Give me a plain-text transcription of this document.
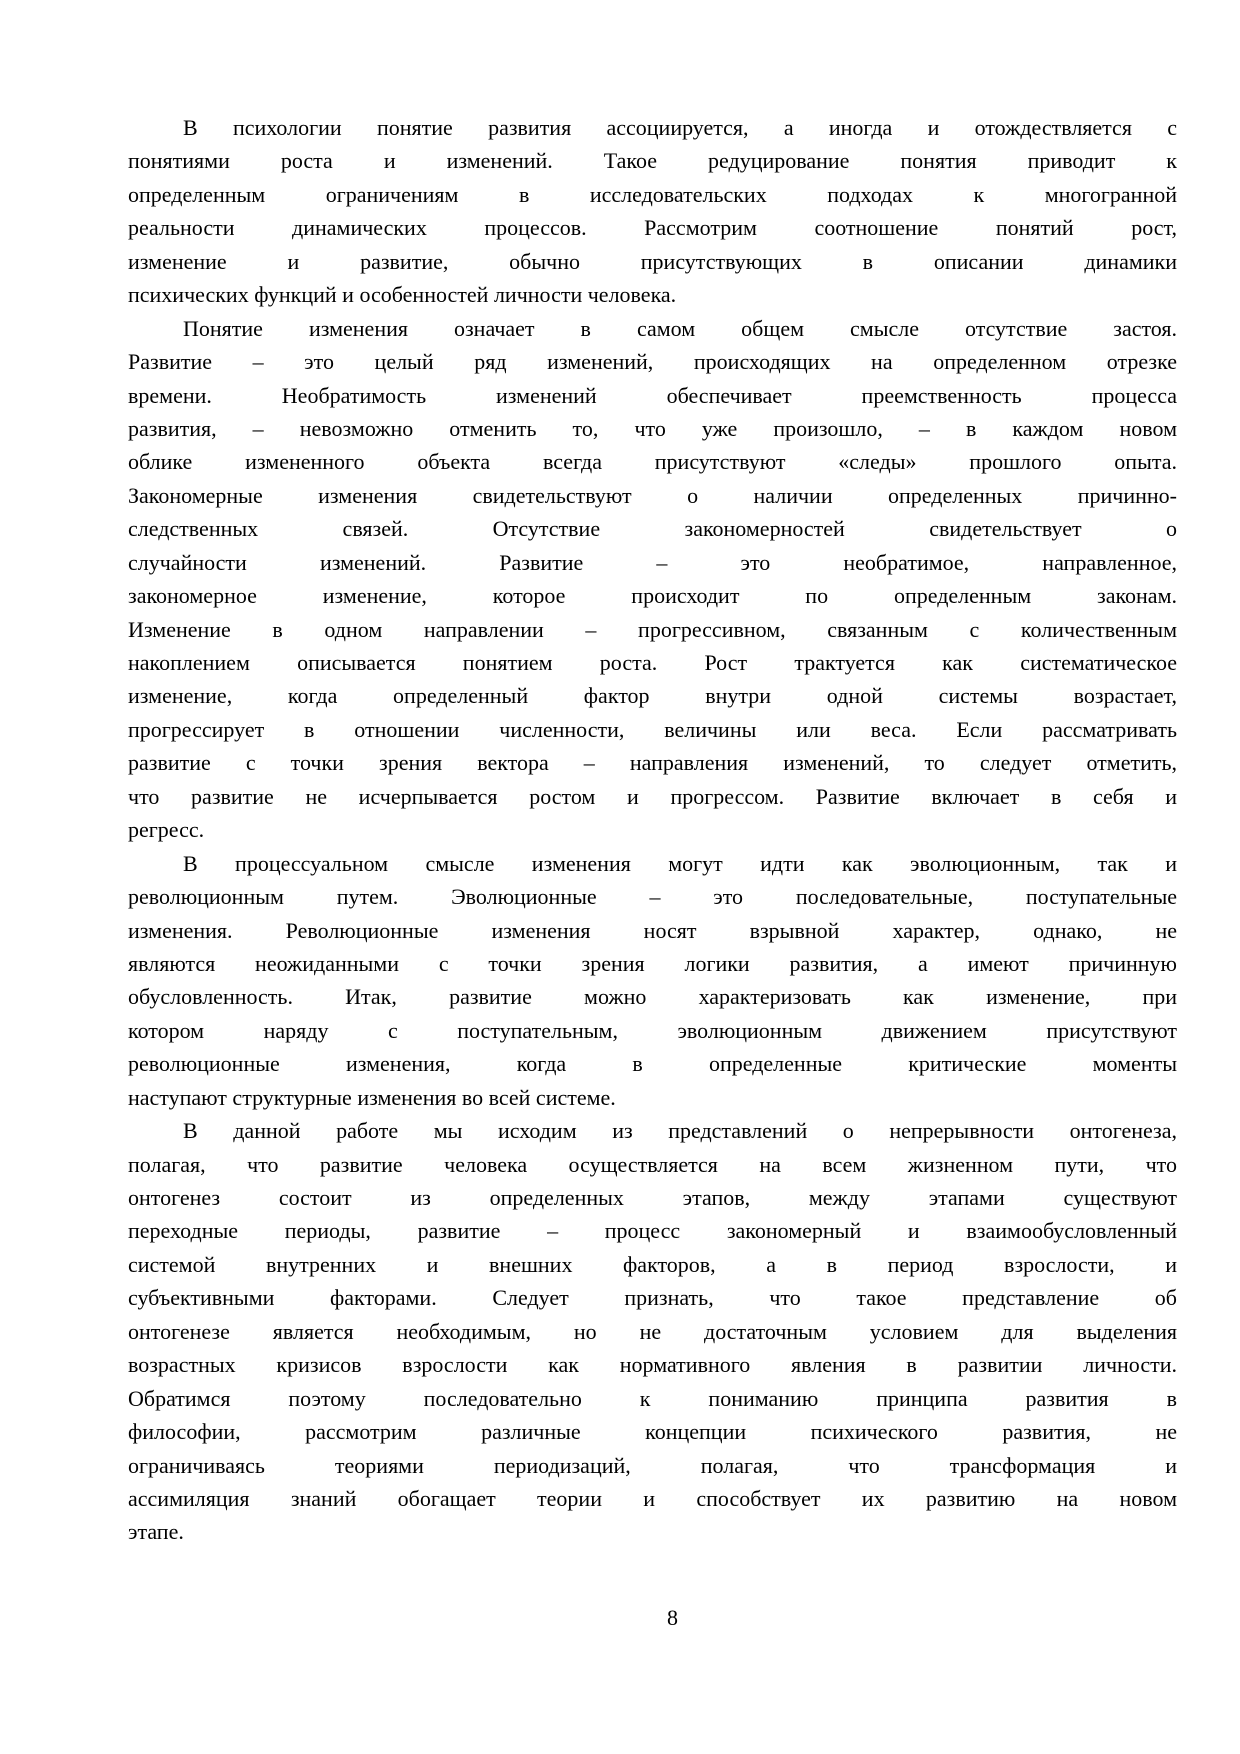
В психологии понятие развития ассоциируется, а иногда и отождествляется с
понятиями роста и изменений. Такое редуцирование понятия приводит к
определенным ограничениям в исследовательских подходах к многогранной
реальности динамических процессов. Рассмотрим соотношение понятий рост,
изменение и развитие, обычно присутствующих в описании динамики
психических функций и особенностей личности человека.
Понятие изменения означает в самом общем смысле отсутствие застоя.
Развитие – это целый ряд изменений, происходящих на определенном отрезке
времени. Необратимость изменений обеспечивает преемственность процесса
развития, – невозможно отменить то, что уже произошло, – в каждом новом
облике измененного объекта всегда присутствуют «следы» прошлого опыта.
Закономерные изменения свидетельствуют о наличии определенных причинно-
следственных связей. Отсутствие закономерностей свидетельствует о
случайности изменений. Развитие – это необратимое, направленное,
закономерное изменение, которое происходит по определенным законам.
Изменение в одном направлении – прогрессивном, связанным с количественным
накоплением описывается понятием роста. Рост трактуется как систематическое
изменение, когда определенный фактор внутри одной системы возрастает,
прогрессирует в отношении численности, величины или веса. Если рассматривать
развитие с точки зрения вектора – направления изменений, то следует отметить,
что развитие не исчерпывается ростом и прогрессом. Развитие включает в себя и
регресс.
В процессуальном смысле изменения могут идти как эволюционным, так и
революционным путем. Эволюционные – это последовательные, поступательные
изменения. Революционные изменения носят взрывной характер, однако, не
являются неожиданными с точки зрения логики развития, а имеют причинную
обусловленность. Итак, развитие можно характеризовать как изменение, при
котором наряду с поступательным, эволюционным движением присутствуют
революционные изменения, когда в определенные критические моменты
наступают структурные изменения во всей системе.
В данной работе мы исходим из представлений о непрерывности онтогенеза,
полагая, что развитие человека осуществляется на всем жизненном пути, что
онтогенез состоит из определенных этапов, между этапами существуют
переходные периоды, развитие – процесс закономерный и взаимообусловленный
системой внутренних и внешних факторов, а в период взрослости, и
субъективными факторами. Следует признать, что такое представление об
онтогенезе является необходимым, но не достаточным условием для выделения
возрастных кризисов взрослости как нормативного явления в развитии личности.
Обратимся поэтому последовательно к пониманию принципа развития в
философии, рассмотрим различные концепции психического развития, не
ограничиваясь теориями периодизаций, полагая, что трансформация и
ассимиляция знаний обогащает теории и способствует их развитию на новом
этапе.
8
